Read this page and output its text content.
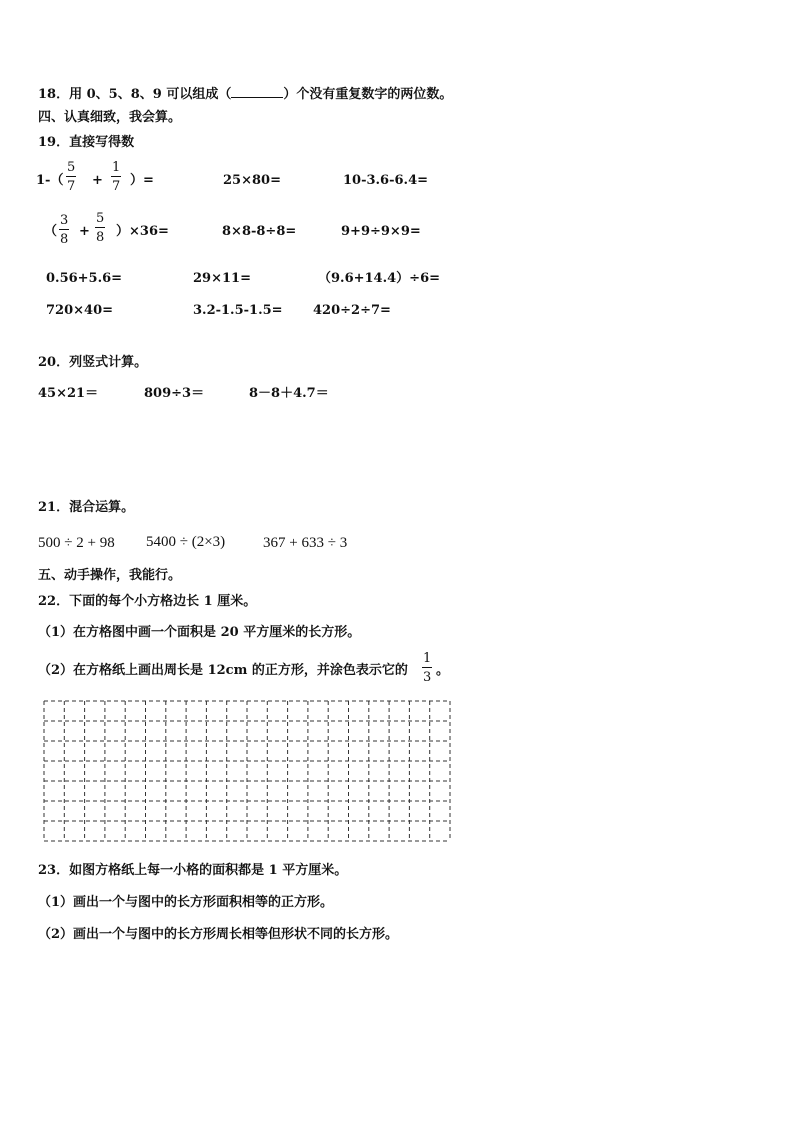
18．用 0、5、8、9 可以组成（	）个没有重复数字的两位数。
四、认真细致，我会算。
19．直接写得数
1-（
5
7 +
1
7 ）=	25×80=	10-3.6-6.4=
（
3
8
+
5
8 ）×36=	8×8-8÷8=	9+9÷9×9=
0.56+5.6=	29×11=	（9.6+14.4）÷6=
720×40=	3.2-1.5-1.5= 420÷2÷7=
20．列竖式计算。
45×21＝	809÷3＝	8－8＋4.7＝
21．混合运算。
500 ÷ 2 + 98 5400 ÷ (2×3)	367 + 633 ÷ 3
五、动手操作，我能行。
22．下面的每个小方格边长 1 厘米。
（1）在方格图中画一个面积是 20 平方厘米的长方形。
（2）在方格纸上画出周长是 12cm 的正方形，并涂色表示它的
1
3 。
23．如图方格纸上每一小格的面积都是 1 平方厘米。
（1）画出一个与图中的长方形面积相等的正方形。
（2）画出一个与图中的长方形周长相等但形状不同的长方形。
